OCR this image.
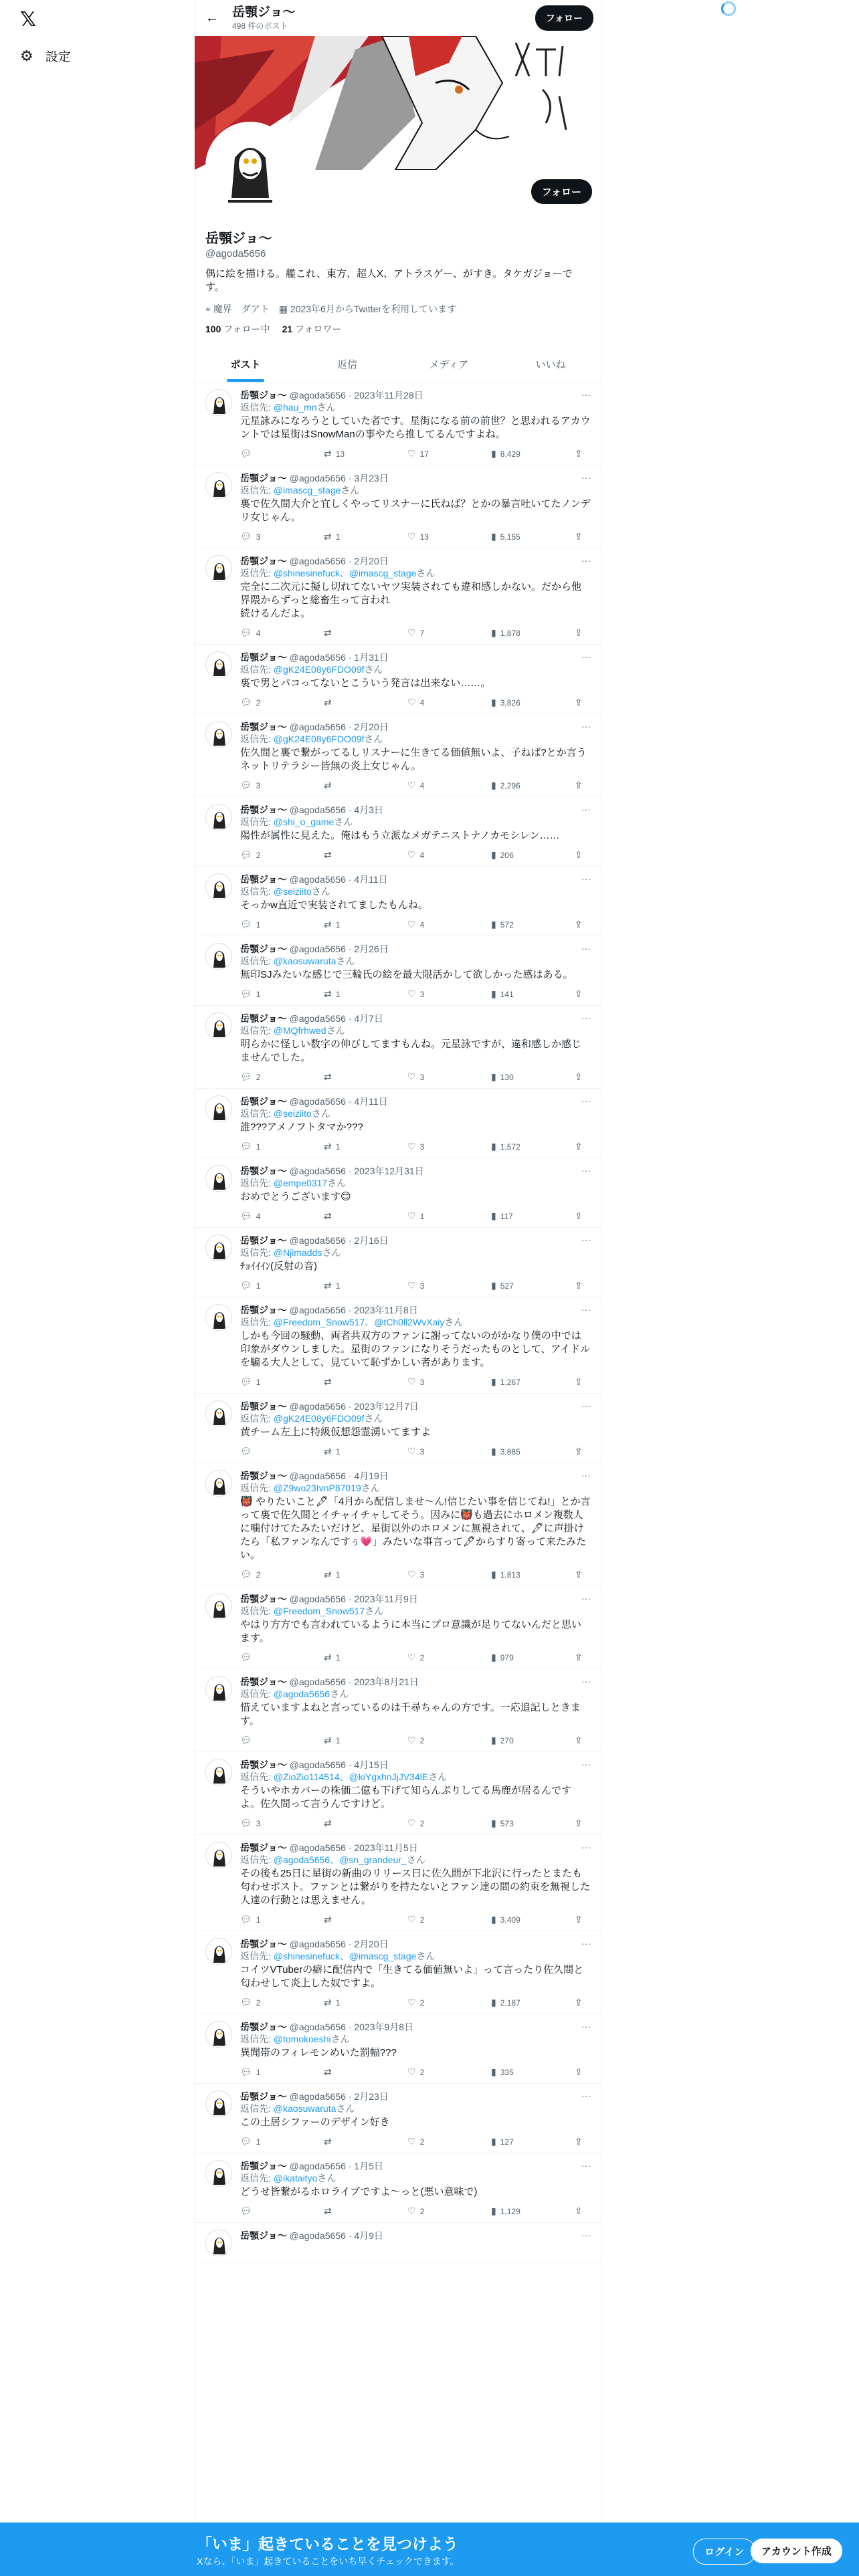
𝕏
⚙ 設定
←	岳顎ジョ～
498 件のポスト
フォロー
フォロー
岳顎ジョ～
@agoda5656
偶に絵を描ける。艦これ、東方、超人X、アトラスゲー、がすき。タケガジョーです。
⌖ 魔界　ダアト ▦ 2023年6月からTwitterを利用しています
100 フォロー中 21 フォロワー
ポスト	返信	メディア	いいね
岳顎ジョ～ @agoda5656 · 2023年11月28日	···
返信先: @hau_mnさん
元星詠みになろうとしていた者です。星街になる前の前世？と思われるアカウントでは星街はSnowManの事やたら推してるんですよね。
💬︎	⇄ 13	♡ 17	▮ 8,429	⇪
岳顎ジョ～ @agoda5656 · 3月23日	···
返信先: @imascg_stageさん
裏で佐久間大介と宜しくやってリスナーに氏ねば？とかの暴言吐いてたノンデリ女じゃん。
💬︎ 3	⇄ 1	♡ 13	▮ 5,155	⇪
岳顎ジョ～ @agoda5656 · 2月20日	···
返信先: @shinesinefuck、@imascg_stageさん
完全に二次元に擬し切れてないヤツ実装されても違和感しかない。だから他界隈からずっと総畜生って言われ
続けるんだよ。
💬︎ 4	⇄	♡ 7	▮ 1,878	⇪
岳顎ジョ～ @agoda5656 · 1月31日	···
返信先: @gK24E08y6FDO09fさん
裏で男とパコってないとこういう発言は出来ない……。
💬︎ 2	⇄	♡ 4	▮ 3,826	⇪
岳顎ジョ～ @agoda5656 · 2月20日	···
返信先: @gK24E08y6FDO09fさん
佐久間と裏で繋がってるしリスナーに生きてる価値無いよ、子ねば?とか言うネットリテラシー皆無の炎上女じゃん。
💬︎ 3	⇄	♡ 4	▮ 2,296	⇪
岳顎ジョ～ @agoda5656 · 4月3日	···
返信先: @shi_o_gameさん
陽性が属性に見えた。俺はもう立派なメガテニストナノカモシレン……
💬︎ 2	⇄	♡ 4	▮ 206	⇪
岳顎ジョ～ @agoda5656 · 4月11日	···
返信先: @seiziitoさん
そっかw直近で実装されてましたもんね。
💬︎ 1	⇄ 1	♡ 4	▮ 572	⇪
岳顎ジョ～ @agoda5656 · 2月26日	···
返信先: @kaosuwarutaさん
無印SJみたいな感じで三輪氏の絵を最大限活かして欲しかった感はある。
💬︎ 1	⇄ 1	♡ 3	▮ 141	⇪
岳顎ジョ～ @agoda5656 · 4月7日	···
返信先: @MQfrhwedさん
明らかに怪しい数字の伸びしてますもんね。元星詠ですが、違和感しか感じませんでした。
💬︎ 2	⇄	♡ 3	▮ 130	⇪
岳顎ジョ～ @agoda5656 · 4月11日	···
返信先: @seiziitoさん
誰???アメノフトタマか???
💬︎ 1	⇄ 1	♡ 3	▮ 1,572	⇪
岳顎ジョ～ @agoda5656 · 2023年12月31日	···
返信先: @empe0317さん
おめでとうございます😊
💬︎ 4	⇄	♡ 1	▮ 117	⇪
岳顎ジョ～ @agoda5656 · 2月16日	···
返信先: @Njimaddsさん
ﾁｮｲｲｲﾝ(反射の音)
💬︎ 1	⇄ 1	♡ 3	▮ 527	⇪
岳顎ジョ～ @agoda5656 · 2023年11月8日	···
返信先: @Freedom_Snow517、@tCh0ll2WvXaiyさん
しかも今回の騒動、両者共双方のファンに謝ってないのがかなり僕の中では印象がダウンしました。星街のファンになりそうだったものとして、アイドルを騙る大人として、見ていて恥ずかしい者があります。
💬︎ 1	⇄	♡ 3	▮ 1,267	⇪
岳顎ジョ～ @agoda5656 · 2023年12月7日	···
返信先: @gK24E08y6FDO09fさん
黄チーム左上に特級仮想怨霊湧いてますよ
💬︎	⇄ 1	♡ 3	▮ 3,885	⇪
岳顎ジョ～ @agoda5656 · 4月19日	···
返信先: @Z9wo23IvnP87019さん
👹 やりたいこと🖋「4月から配信しませ～ん!信じたい事を信じてね!」とか言って裏で佐久間とイチャイチャしてそう。因みに👹も過去にホロメン複数人に噛付けてたみたいだけど、星街以外のホロメンに無視されて、🖋に声掛けたら「私ファンなんですぅ💗」みたいな事言って🖋からすり寄って来たみたい。
💬︎ 2	⇄ 1	♡ 3	▮ 1,813	⇪
岳顎ジョ～ @agoda5656 · 2023年11月9日	···
返信先: @Freedom_Snow517さん
やはり方方でも言われているように本当にプロ意識が足りてないんだと思います。
💬︎	⇄ 1	♡ 2	▮ 979	⇪
岳顎ジョ～ @agoda5656 · 2023年8月21日	···
返信先: @agoda5656さん
惜えていますよねと言っているのは千尋ちゃんの方です。一応追記しときます。
💬︎	⇄ 1	♡ 2	▮ 270	⇪
岳顎ジョ～ @agoda5656 · 4月15日	···
返信先: @ZioZio114514、@kiYgxhnJjJV34lEさん
そういやホカバーの株価二億も下げて知らんぷりしてる馬鹿が居るんですよ。佐久間って言うんですけど。
💬︎ 3	⇄	♡ 2	▮ 573	⇪
岳顎ジョ～ @agoda5656 · 2023年11月5日	···
返信先: @agoda5656、@sn_grandeur_さん
その後も25日に星街の新曲のリリース日に佐久間が下北沢に行ったとまたも匂わせポスト。ファンとは繋がりを持たないとファン達の間の約束を無視した人達の行動とは思えません。
💬︎ 1	⇄	♡ 2	▮ 3,409	⇪
岳顎ジョ～ @agoda5656 · 2月20日	···
返信先: @shinesinefuck、@imascg_stageさん
コイツVTuberの癖に配信内で「生きてる価値無いよ」って言ったり佐久間と匂わせして炎上した奴ですよ。
💬︎ 2	⇄ 1	♡ 2	▮ 2,187	⇪
岳顎ジョ～ @agoda5656 · 2023年9月8日	···
返信先: @tomokoeshiさん
異聞帯のフィレモンめいた罰幅???
💬︎ 1	⇄	♡ 2	▮ 335	⇪
岳顎ジョ～ @agoda5656 · 2月23日	···
返信先: @kaosuwarutaさん
この土居シファーのデザイン好き
💬︎ 1	⇄	♡ 2	▮ 127	⇪
岳顎ジョ～ @agoda5656 · 1月5日	···
返信先: @ikataityoさん
どうせ皆繋がるホロライブですよ～っと(悪い意味で)
💬︎	⇄	♡ 2	▮ 1,129	⇪
岳顎ジョ～ @agoda5656 · 4月9日	···
「いま」起きていることを見つけよう
Xなら、「いま」起きていることをいち早くチェックできます。
ログイン	アカウント作成
